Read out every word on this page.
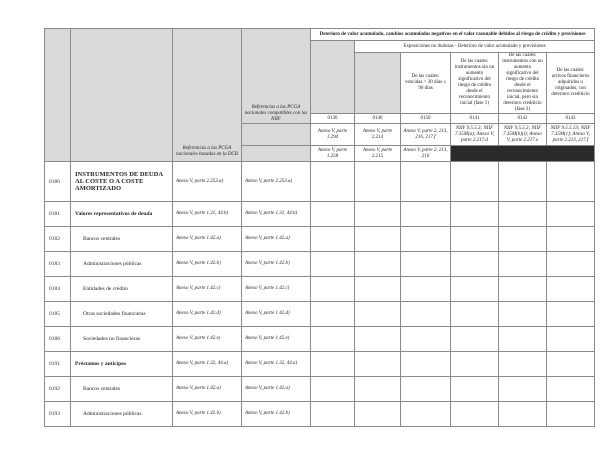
		Referencias a las PCGA nacionales basadas en la DCB	Referencias a las PCGA nacionales compatibles con las NIIF	Deterioro de valor acumulado, cambios acumulados negativos en el valor razonable debidos al riesgo de crédito y provisiones					
					Exposiciones no dudosas - Deterioro de valor acumulado y provisiones				
						De las cuales: vencidas > 30 días ≤ 90 días	De las cuales: instrumentos sin un aumento significativo del riesgo de crédito desde el reconocimiento inicial (fase 1)	De las cuales: instrumentos con un aumento significativo del riesgo de crédito desde el reconocimiento inicial, pero sin deterioro crediticio (fase 2)	De las cuales: activos financieros adquiridos u originados, con deterioro crediticio
				0130	0140	0150	0141	0142	0143
				Anexo V, parte 1.294	Anexo V, parte 2.214	Anexo V, parte 2, 213, 216, 217.f	NIIF 9.5.5.3; NIIF 7.35M(a); Anexo V, parte 2.217.d	NIIF 9.5.5.3; NIIF 7.35M(b)(i); Anexo V, parte 2.217.e	NIIF 9.5.5.13; NIIF 7.35M(c); Anexo V, parte 2.213, 217.f
				Anexo V, parte 1.258	Anexo V, parte 2.215	Anexo V, parte 2, 213, 216			
0180	INSTRUMENTOS DE DEUDA AL COSTE O A COSTE AMORTIZADO	Anexo V, parte 2.253.a)	Anexo V, parte 2.253.a)						
0181	Valores representativos de deuda	Anexo V, parte 1.31, 44.b)	Anexo V, parte 1.31, 44.b)						
0182	Bancos centrales	Anexo V, parte 1.42.a)	Anexo V, parte 1.42.a)						
0183	Administraciones públicas	Anexo V, parte 1.42.b)	Anexo V, parte 1.42.b)						
0184	Entidades de crédito	Anexo V, parte 1.42.c)	Anexo V, parte 1.42.c)						
0185	Otras sociedades financieras	Anexo V, parte 1.42.d)	Anexo V, parte 1.42.d)						
0186	Sociedades no financieras	Anexo V, parte 1.42.e)	Anexo V, parte 1.42.e)						
0191	Préstamos y anticipos	Anexo V, parte 1.32, 44.a)	Anexo V, parte 1.32, 44.a)						
0192	Bancos centrales	Anexo V, parte 1.42.a)	Anexo V, parte 1.42.a)						
0193	Administraciones públicas	Anexo V, parte 1.42.b)	Anexo V, parte 1.42.b)						
